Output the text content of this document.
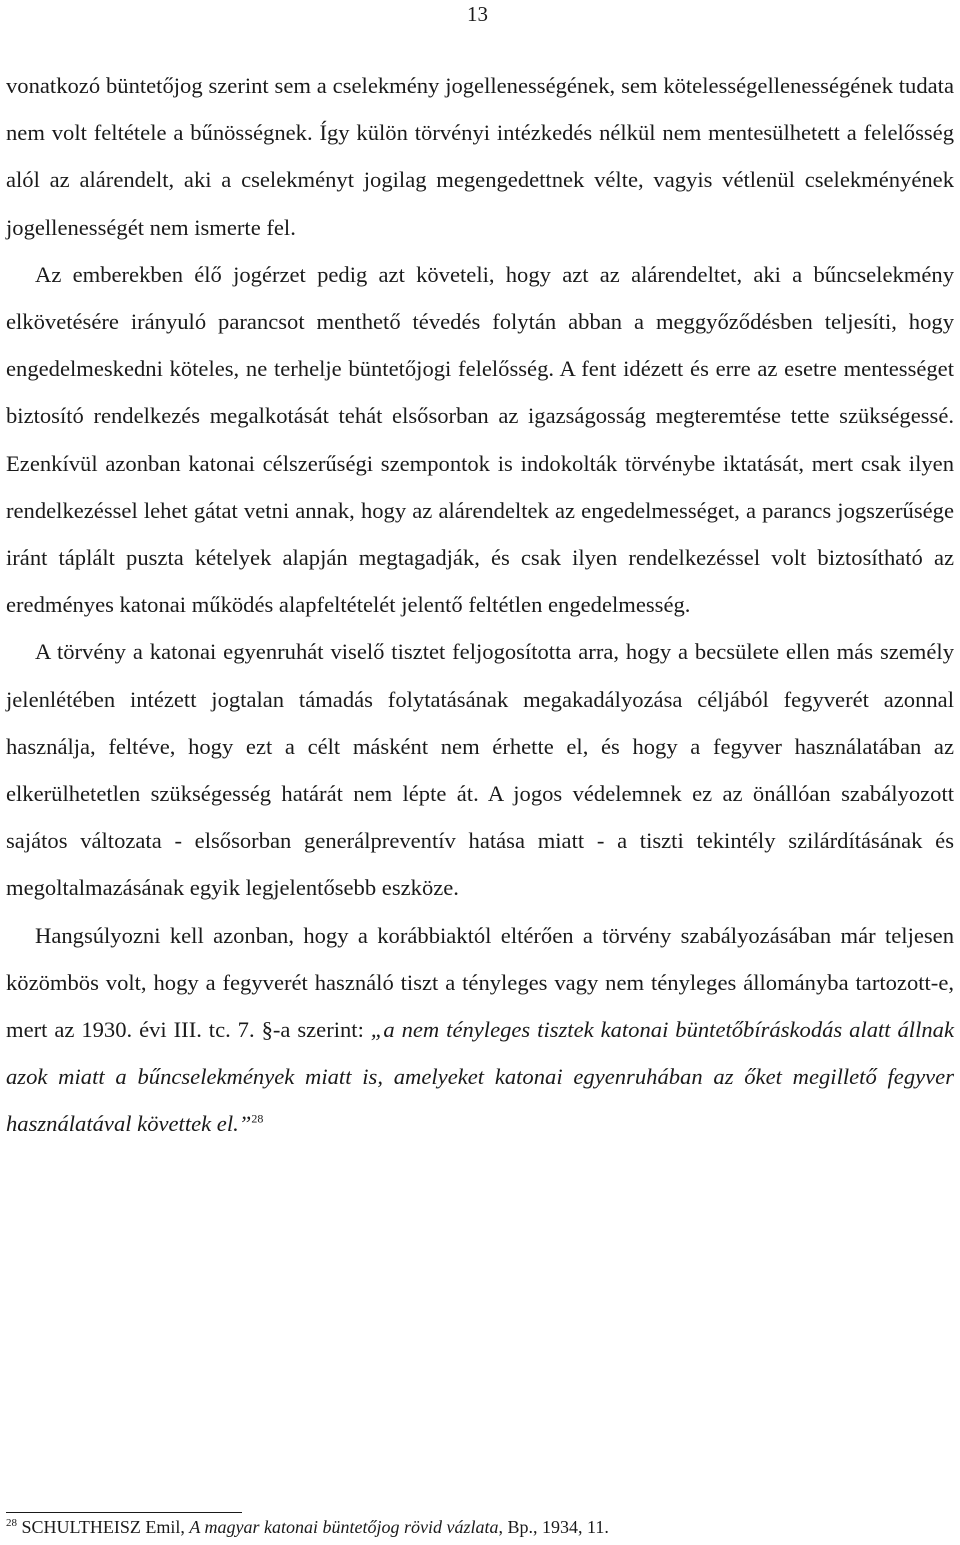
13

vonatkozó büntetőjog szerint sem a cselekmény jogellenességének, sem kötelességellenességének tudata nem volt feltétele a bűnösségnek. Így külön törvényi intézkedés nélkül nem mentesülhetett a felelősség alól az alárendelt, aki a cselekményt jogilag megengedettnek vélte, vagyis vétlenül cselekményének jogellenességét nem ismerte fel.

Az emberekben élő jogérzet pedig azt követeli, hogy azt az alárendeltet, aki a bűncselekmény elkövetésére irányuló parancsot menthető tévedés folytán abban a meggyőződésben teljesíti, hogy engedelmeskedni köteles, ne terhelje büntetőjogi felelősség. A fent idézett és erre az esetre mentességet biztosító rendelkezés megalkotását tehát elsősorban az igazságosság megteremtése tette szükségessé. Ezenkívül azonban katonai célszerűségi szempontok is indokolták törvénybe iktatását, mert csak ilyen rendelkezéssel lehet gátat vetni annak, hogy az alárendeltek az engedelmességet, a parancs jogszerűsége iránt táplált puszta kételyek alapján megtagadják, és csak ilyen rendelkezéssel volt biztosítható az eredményes katonai működés alapfeltételét jelentő feltétlen engedelmesség.

A törvény a katonai egyenruhát viselő tisztet feljogosította arra, hogy a becsülete ellen más személy jelenlétében intézett jogtalan támadás folytatásának megakadályozása céljából fegyverét azonnal használja, feltéve, hogy ezt a célt másként nem érhette el, és hogy a fegyver használatában az elkerülhetetlen szükségesség határát nem lépte át. A jogos védelemnek ez az önállóan szabályozott sajátos változata - elsősorban generálpreventív hatása miatt - a tiszti tekintély szilárdításának és megoltalmazásának egyik legjelentősebb eszköze.

Hangsúlyozni kell azonban, hogy a korábbiaktól eltérően a törvény szabályozásában már teljesen közömbös volt, hogy a fegyverét használó tiszt a tényleges vagy nem tényleges állományba tartozott-e, mert az 1930. évi III. tc. 7. §-a szerint: „a nem tényleges tisztek katonai büntetőbíráskodás alatt állnak azok miatt a bűncselekmények miatt is, amelyeket katonai egyenruhában az őket megillető fegyver használatával követtek el.”$^{28}$

$^{28}$ SCHULTHEISZ Emil, A magyar katonai büntetőjog rövid vázlata, Bp., 1934, 11.
